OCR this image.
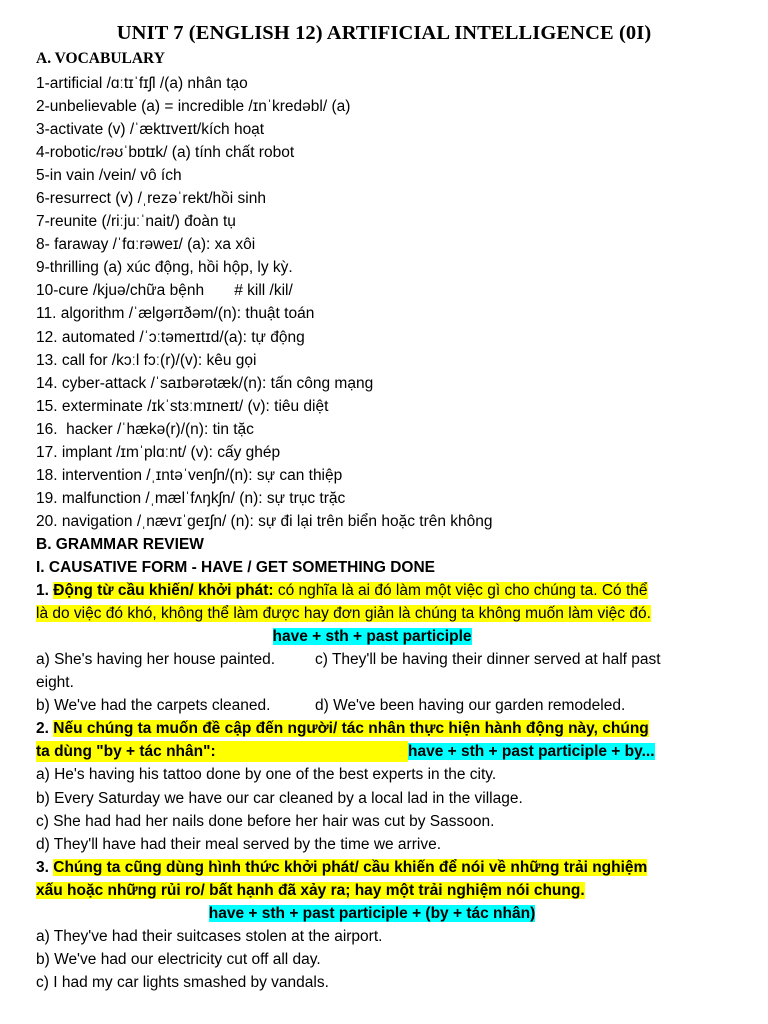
UNIT 7 (ENGLISH 12) ARTIFICIAL INTELLIGENCE (0I)
A. VOCABULARY
1-artificial /ɑːtɪˈfɪʃl /(a) nhân tạo
2-unbelievable (a) = incredible /ɪnˈkredəbl/ (a)
3-activate (v) /ˈæktɪveɪt/kích hoạt
4-robotic/rəʊˈbɒtɪk/ (a) tính chất robot
5-in vain /vein/ vô ích
6-resurrect (v) /ˌrezəˈrekt/hồi sinh
7-reunite (/riːjuːˈnait/) đoàn tụ
8- faraway /ˈfɑːrəweɪ/ (a): xa xôi
9-thrilling (a) xúc động, hồi hộp, ly kỳ.
10-cure /kjuə/chữa bệnh       # kill /kil/
11. algorithm /ˈælgərɪðəm/(n): thuật toán
12. automated /ˈɔːtəmeɪtɪd/(a): tự động
13. call for /kɔːl fɔː(r)/(v): kêu gọi
14. cyber-attack /ˈsaɪbərətæk/(n): tấn công mạng
15. exterminate /ɪkˈstɜːmɪneɪt/ (v): tiêu diệt
16.  hacker /ˈhækə(r)/(n): tin tặc
17. implant /ɪmˈplɑːnt/ (v): cấy ghép
18. intervention /ˌɪntəˈvenʃn/(n): sự can thiệp
19. malfunction /ˌmælˈfʌŋkʃn/ (n): sự trục trặc
20. navigation /ˌnævɪˈgeɪʃn/ (n): sự đi lại trên biển hoặc trên không
B. GRAMMAR REVIEW
I. CAUSATIVE FORM - HAVE / GET SOMETHING DONE
1. Động từ cầu khiến/ khởi phát: có nghĩa là ai đó làm một việc gì cho chúng ta. Có thể
là do việc đó khó, không thể làm được hay đơn giản là chúng ta không muốn làm việc đó.
have + sth + past participle
a) She's having her house painted.	c) They'll be having their dinner served at half past
eight.
b) We've had the carpets cleaned.	d) We've been having our garden remodeled.
2. Nếu chúng ta muốn đề cập đến người/ tác nhân thực hiện hành động này, chúng
ta dùng "by + tác nhân":	have + sth + past participle + by...
a) He's having his tattoo done by one of the best experts in the city.
b) Every Saturday we have our car cleaned by a local lad in the village.
c) She had had her nails done before her hair was cut by Sassoon.
d) They'll have had their meal served by the time we arrive.
3. Chúng ta cũng dùng hình thức khởi phát/ cầu khiến để nói về những trải nghiệm
xấu hoặc những rủi ro/ bất hạnh đã xảy ra; hay một trải nghiệm nói chung.
have + sth + past participle + (by + tác nhân)
a) They've had their suitcases stolen at the airport.
b) We've had our electricity cut off all day.
c) I had my car lights smashed by vandals.
